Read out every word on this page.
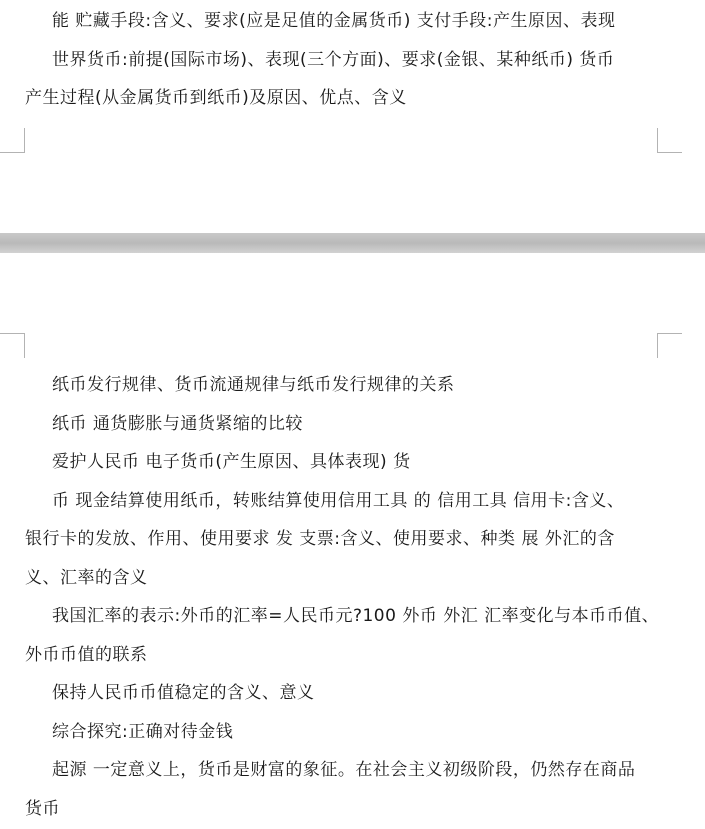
能 贮藏手段:含义、要求(应是足值的金属货币) 支付手段:产生原因、表现
世界货币:前提(国际市场)、表现(三个方面)、要求(金银、某种纸币) 货币
产生过程(从金属货币到纸币)及原因、优点、含义
纸币发行规律、货币流通规律与纸币发行规律的关系
纸币 通货膨胀与通货紧缩的比较
爱护人民币 电子货币(产生原因、具体表现) 货
币 现金结算使用纸币，转账结算使用信用工具 的 信用工具 信用卡:含义、
银行卡的发放、作用、使用要求 发 支票:含义、使用要求、种类 展 外汇的含
义、汇率的含义
我国汇率的表示:外币的汇率=人民币元?100 外币 外汇 汇率变化与本币币值、
外币币值的联系
保持人民币币值稳定的含义、意义
综合探究:正确对待金钱
起源 一定意义上，货币是财富的象征。在社会主义初级阶段，仍然存在商品
货币
